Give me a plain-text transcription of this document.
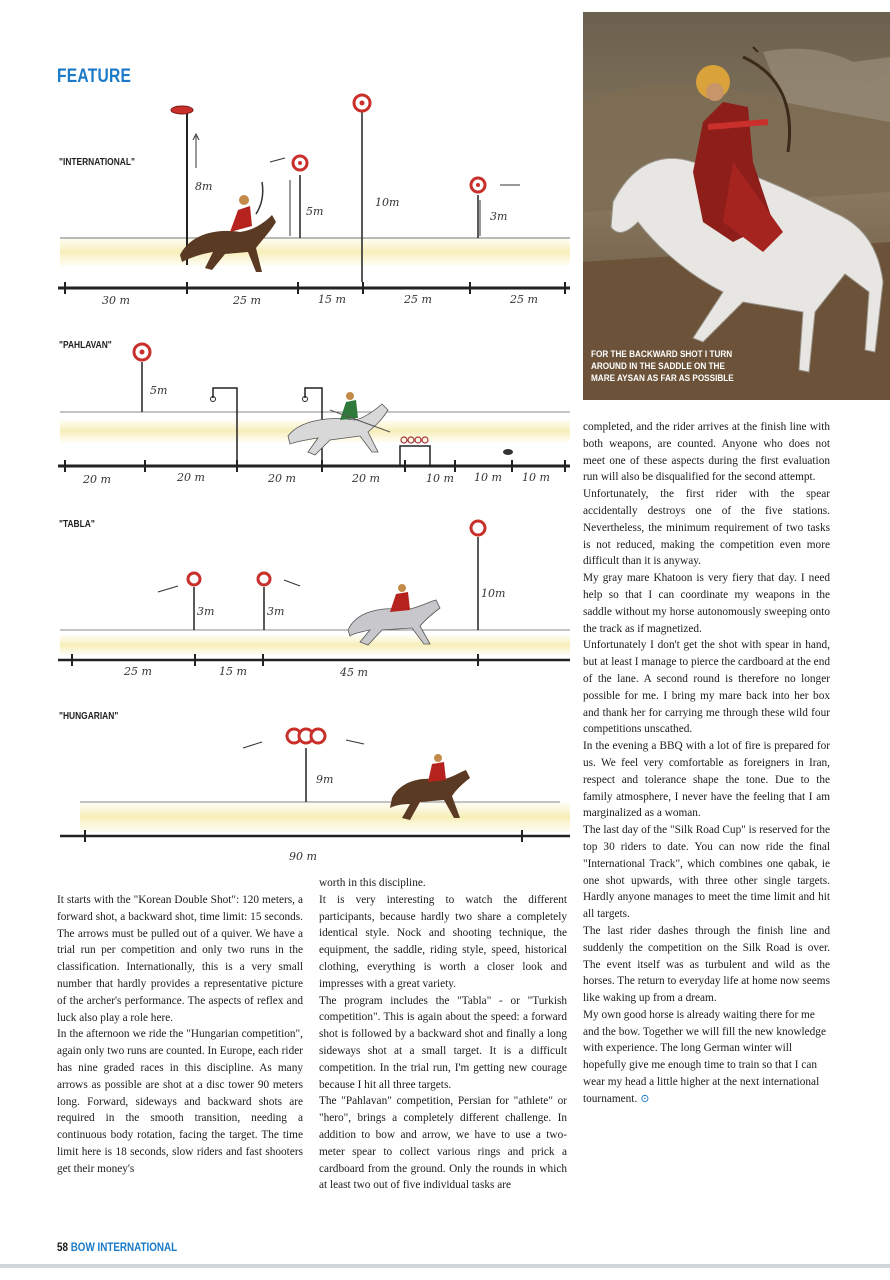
FEATURE
"INTERNATIONAL"
"PAHLAVAN"
"TABLA"
"HUNGARIAN"
8m
5m
10m
3m
5m
3m	3m
10m
9m
30 m	25 m	15 m	25 m	25 m
20 m	20 m	20 m	20 m	10 m 10 m 10 m
25 m	15 m	45 m
90 m
FOR THE BACKWARD SHOT I TURN AROUND IN THE SADDLE ON THE MARE AYSAN AS FAR AS POSSIBLE

It starts with the "Korean Double Shot": 120 meters, a forward shot, a backward shot, time limit: 15 seconds. The arrows must be pulled out of a quiver. We have a trial run per competition and only two runs in the classification. Internationally, this is a very small number that hardly provides a representative picture of the archer's performance. The aspects of reflex and luck also play a role here.

In the afternoon we ride the "Hungarian competition", again only two runs are counted. In Europe, each rider has nine graded races in this discipline. As many arrows as possible are shot at a disc tower 90 meters long. Forward, sideways and backward shots are required in the smooth transition, needing a continuous body rotation, facing the target. The time limit here is 18 seconds, slow riders and fast shooters get their money's

worth in this discipline.

It is very interesting to watch the different participants, because hardly two share a completely identical style. Nock and shooting technique, the equipment, the saddle, riding style, speed, historical clothing, everything is worth a closer look and impresses with a great variety.

The program includes the "Tabla" - or "Turkish competition". This is again about the speed: a forward shot is followed by a backward shot and finally a long sideways shot at a small target. It is a difficult competition. In the trial run, I'm getting new courage because I hit all three targets.

The "Pahlavan" competition, Persian for "athlete" or "hero", brings a completely different challenge. In addition to bow and arrow, we have to use a two-meter spear to collect various rings and prick a cardboard from the ground. Only the rounds in which at least two out of five individual tasks are

completed, and the rider arrives at the finish line with both weapons, are counted. Anyone who does not meet one of these aspects during the first evaluation run will also be disqualified for the second attempt.

Unfortunately, the first rider with the spear accidentally destroys one of the five stations. Nevertheless, the minimum requirement of two tasks is not reduced, making the competition even more difficult than it is anyway.

My gray mare Khatoon is very fiery that day. I need help so that I can coordinate my weapons in the saddle without my horse autonomously sweeping onto the track as if magnetized.

Unfortunately I don't get the shot with spear in hand, but at least I manage to pierce the cardboard at the end of the lane. A second round is therefore no longer possible for me. I bring my mare back into her box and thank her for carrying me through these wild four competitions unscathed.

In the evening a BBQ with a lot of fire is prepared for us. We feel very comfortable as foreigners in Iran, respect and tolerance shape the tone. Due to the family atmosphere, I never have the feeling that I am marginalized as a woman.

The last day of the "Silk Road Cup" is reserved for the top 30 riders to date. You can now ride the final "International Track", which combines one qabak, ie one shot upwards, with three other single targets. Hardly anyone manages to meet the time limit and hit all targets.

The last rider dashes through the finish line and suddenly the competition on the Silk Road is over. The event itself was as turbulent and wild as the horses. The return to everyday life at home now seems like waking up from a dream.

My own good horse is already waiting there for me and the bow. Together we will fill the new knowledge with experience. The long German winter will hopefully give me enough time to train so that I can wear my head a little higher at the next international tournament. ⊙

58 BOW INTERNATIONAL
